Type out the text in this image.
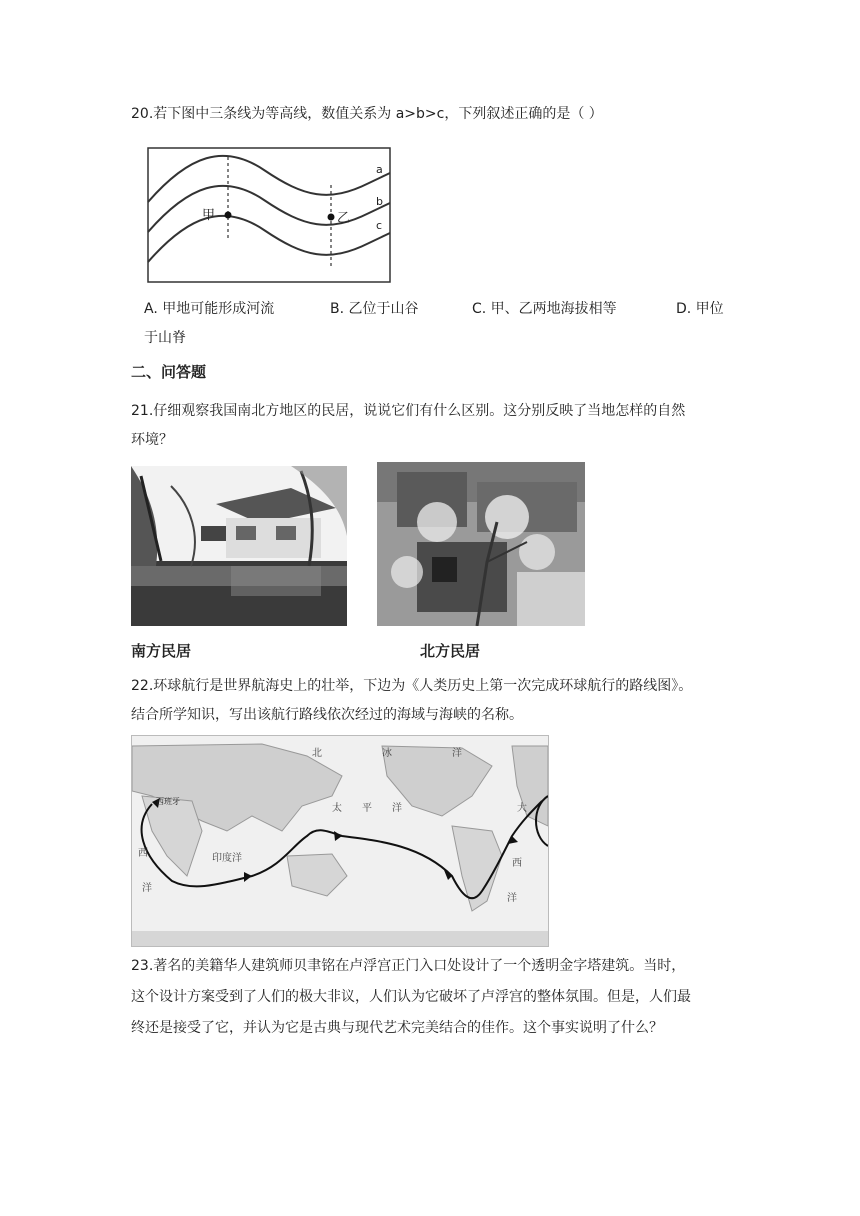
20.若下图中三条线为等高线，数值关系为 a>b>c，下列叙述正确的是（ ）
甲	乙
a
b
c
A. 甲地可能形成河流	B. 乙位于山谷	C. 甲、乙两地海拔相等	D. 甲位
于山脊
二、问答题
21.仔细观察我国南北方地区的民居，说说它们有什么区别。这分别反映了当地怎样的自然
环境？
南方民居	北方民居
22.环球航行是世界航海史上的壮举，下边为《人类历史上第一次完成环球航行的路线图》。
结合所学知识，写出该航行路线依次经过的海域与海峡的名称。
北	冰	洋
太 平 洋
西
洋
印度洋
西班牙
大
西
洋
23.著名的美籍华人建筑师贝聿铭在卢浮宫正门入口处设计了一个透明金字塔建筑。当时，
这个设计方案受到了人们的极大非议，人们认为它破坏了卢浮宫的整体氛围。但是，人们最
终还是接受了它，并认为它是古典与现代艺术完美结合的佳作。这个事实说明了什么？
